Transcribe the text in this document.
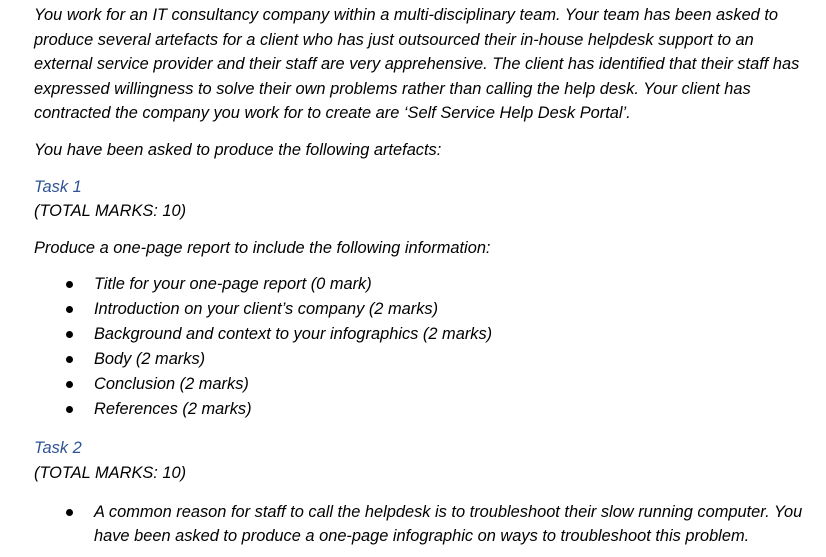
You work for an IT consultancy company within a multi-disciplinary team. Your team has been asked to produce several artefacts for a client who has just outsourced their in-house helpdesk support to an external service provider and their staff are very apprehensive. The client has identified that their staff has expressed willingness to solve their own problems rather than calling the help desk. Your client has contracted the company you work for to create are ‘Self Service Help Desk Portal’.

You have been asked to produce the following artefacts:

Task 1

(TOTAL MARKS: 10)

Produce a one-page report to include the following information:

Title for your one-page report (0 mark)
Introduction on your client’s company (2 marks)
Background and context to your infographics (2 marks)
Body (2 marks)
Conclusion (2 marks)
References (2 marks)

Task 2

(TOTAL MARKS: 10)

A common reason for staff to call the helpdesk is to troubleshoot their slow running computer. You have been asked to produce a one-page infographic on ways to troubleshoot this problem.
